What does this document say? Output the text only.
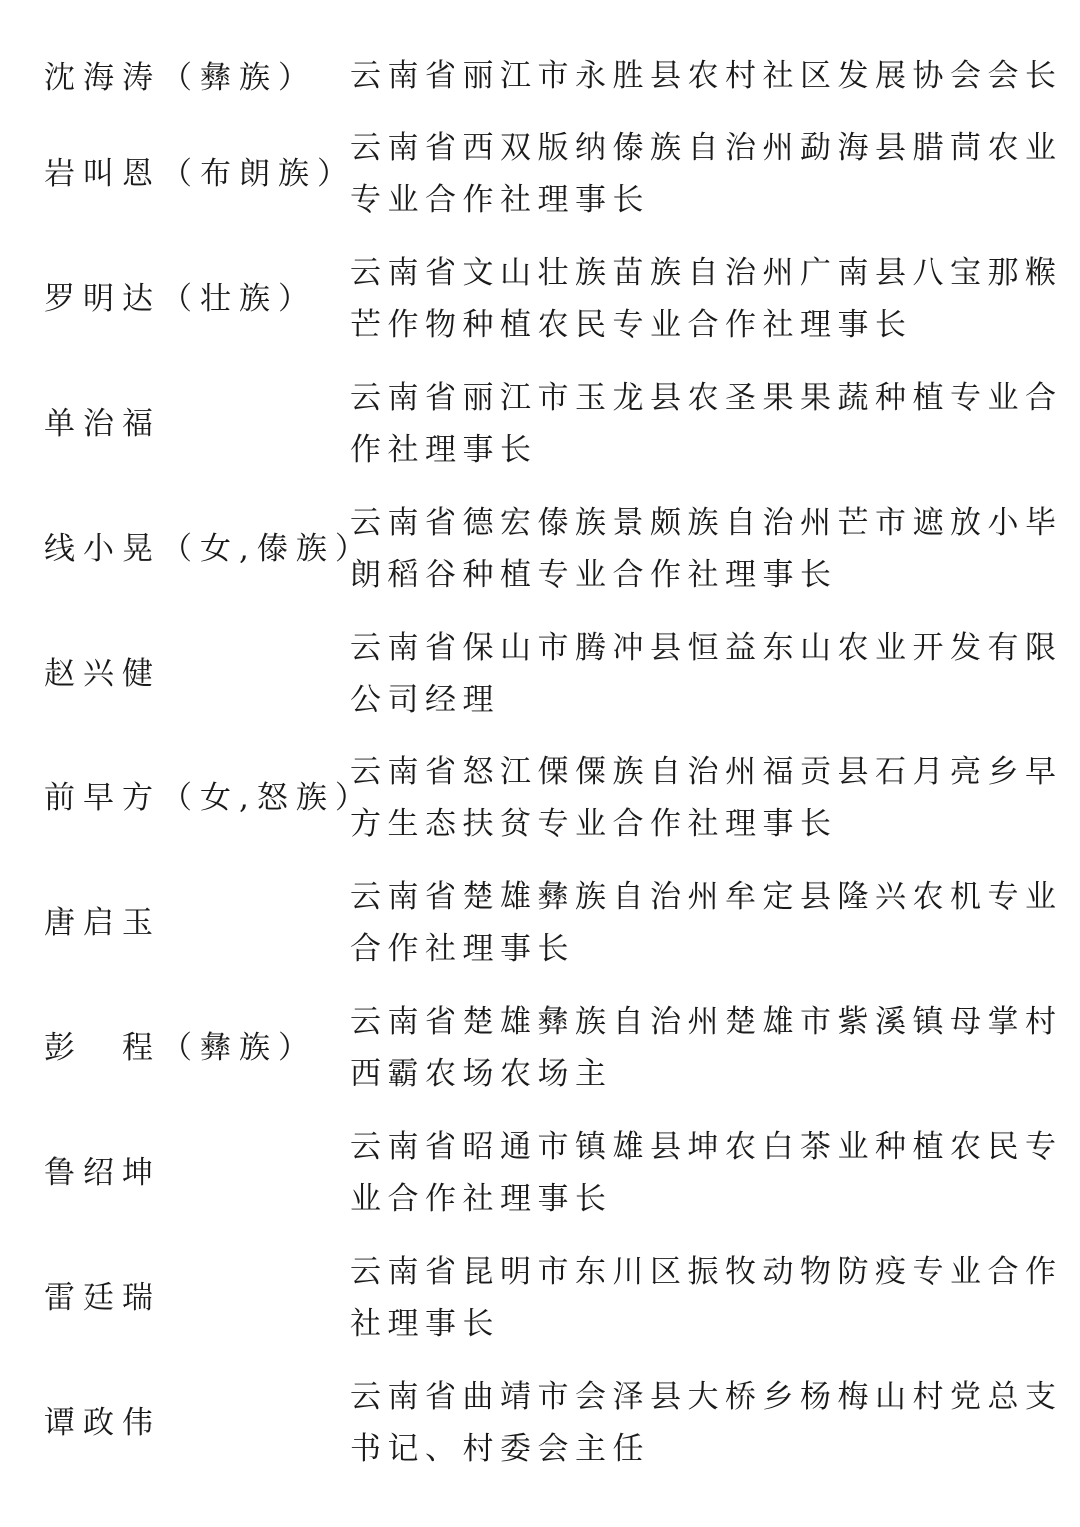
沈海涛（彝族） 云南省丽江市永胜县农村社区发展协会会长
岩叫恩（布朗族）
云南省西双版纳傣族自治州勐海县腊茼农业
专业合作社理事长
罗明达（壮族）
云南省文山壮族苗族自治州广南县八宝那糇
芒作物种植农民专业合作社理事长
单治福
云南省丽江市玉龙县农圣果果蔬种植专业合
作社理事长
线小晃（女,傣族）
云南省德宏傣族景颇族自治州芒市遮放小毕
朗稻谷种植专业合作社理事长
赵兴健
云南省保山市腾冲县恒益东山农业开发有限
公司经理
前早方（女,怒族）
云南省怒江傈僳族自治州福贡县石月亮乡早
方生态扶贫专业合作社理事长
唐启玉
云南省楚雄彝族自治州牟定县隆兴农机专业
合作社理事长
彭　程（彝族）
云南省楚雄彝族自治州楚雄市紫溪镇母掌村
西霸农场农场主
鲁绍坤
云南省昭通市镇雄县坤农白茶业种植农民专
业合作社理事长
雷廷瑞
云南省昆明市东川区振牧动物防疫专业合作
社理事长
谭政伟
云南省曲靖市会泽县大桥乡杨梅山村党总支
书记、村委会主任
